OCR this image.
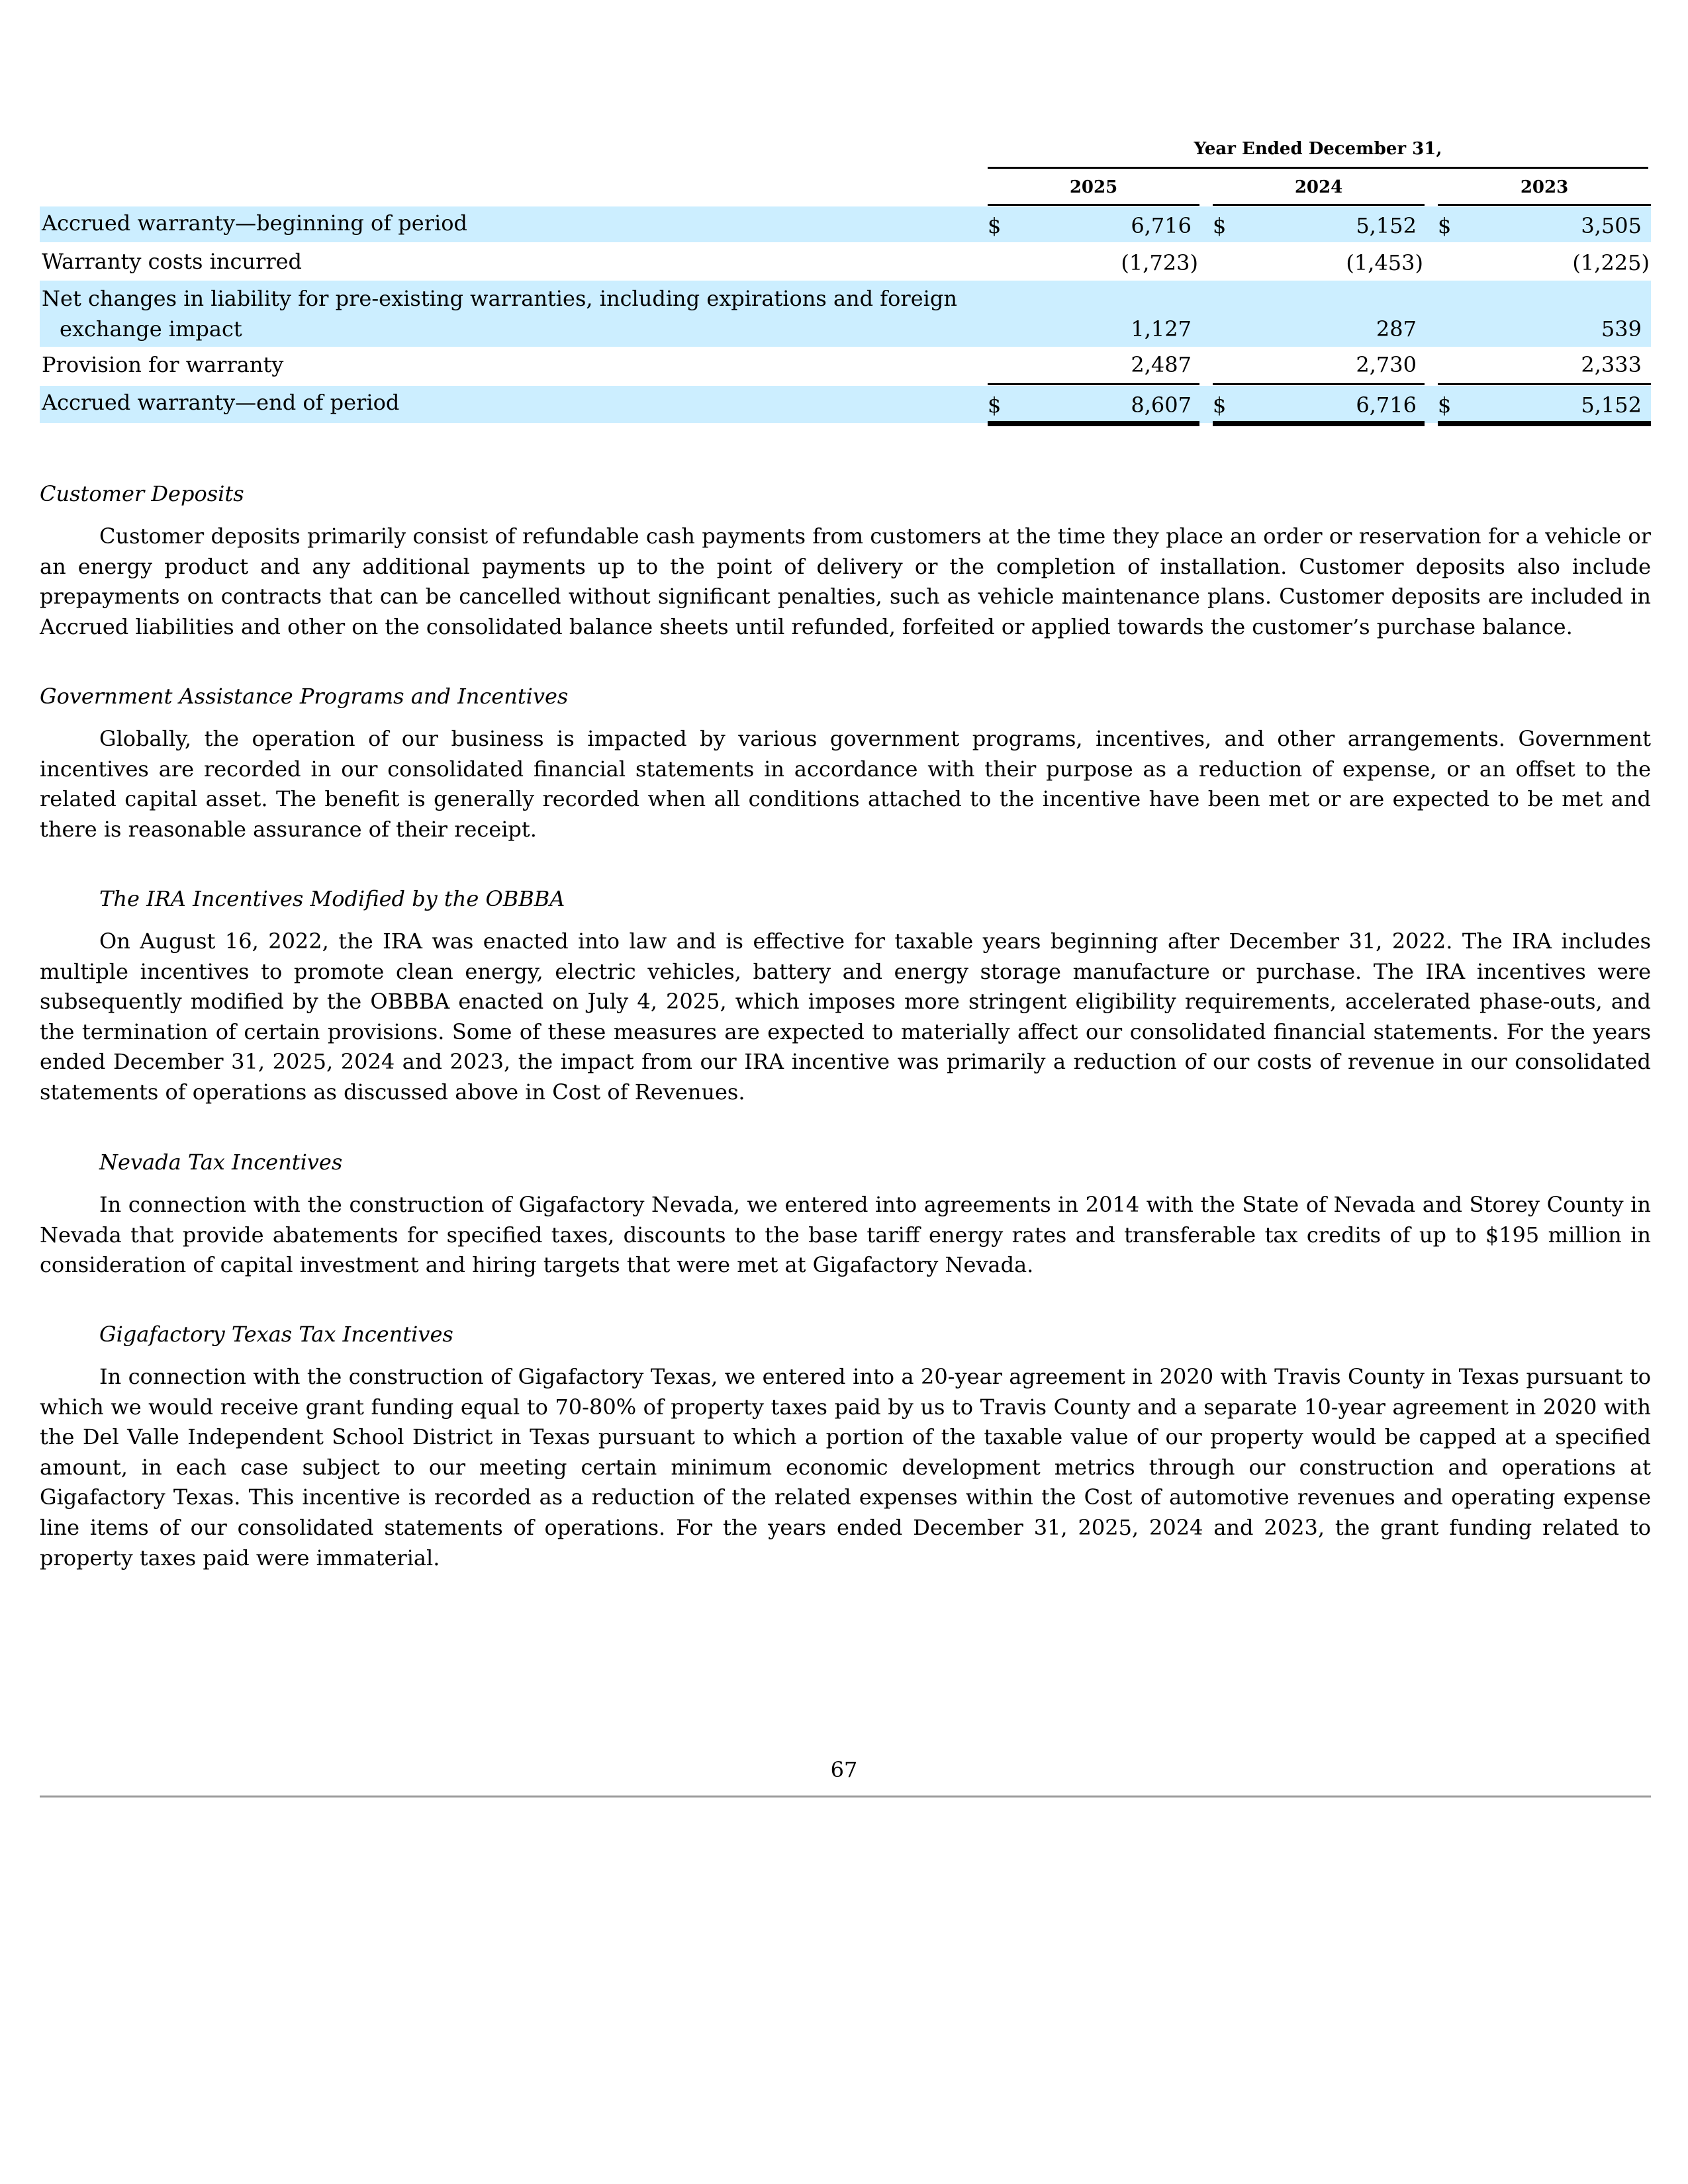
Year Ended December 31,
2025	2024	2023
Accrued warranty—beginning of period	$	6,716 $	5,152 $	3,505
Warranty costs incurred	(1,723)	(1,453)	(1,225)
Net changes in liability for pre-existing warranties, including expirations and foreign
exchange impact	1,127	287	539
Provision for warranty	2,487	2,730	2,333
Accrued warranty—end of period	$	8,607 $	6,716 $	5,152
Customer Deposits

Customer deposits primarily consist of refundable cash payments from customers at the time they place an order or reservation for a vehicle or an energy product and any additional payments up to the point of delivery or the completion of installation. Customer deposits also include prepayments on contracts that can be cancelled without significant penalties, such as vehicle maintenance plans. Customer deposits are included in Accrued liabilities and other on the consolidated balance sheets until refunded, forfeited or applied towards the customer’s purchase balance.

Government Assistance Programs and Incentives

Globally, the operation of our business is impacted by various government programs, incentives, and other arrangements. Government incentives are recorded in our consolidated financial statements in accordance with their purpose as a reduction of expense, or an offset to the related capital asset. The benefit is generally recorded when all conditions attached to the incentive have been met or are expected to be met and there is reasonable assurance of their receipt.

The IRA Incentives Modified by the OBBBA

On August 16, 2022, the IRA was enacted into law and is effective for taxable years beginning after December 31, 2022. The IRA includes multiple incentives to promote clean energy, electric vehicles, battery and energy storage manufacture or purchase. The IRA incentives were subsequently modified by the OBBBA enacted on July 4, 2025, which imposes more stringent eligibility requirements, accelerated phase-outs, and the termination of certain provisions. Some of these measures are expected to materially affect our consolidated financial statements. For the years ended December 31, 2025, 2024 and 2023, the impact from our IRA incentive was primarily a reduction of our costs of revenue in our consolidated statements of operations as discussed above in Cost of Revenues.

Nevada Tax Incentives

In connection with the construction of Gigafactory Nevada, we entered into agreements in 2014 with the State of Nevada and Storey County in Nevada that provide abatements for specified taxes, discounts to the base tariff energy rates and transferable tax credits of up to $195 million in consideration of capital investment and hiring targets that were met at Gigafactory Nevada.

Gigafactory Texas Tax Incentives

In connection with the construction of Gigafactory Texas, we entered into a 20-year agreement in 2020 with Travis County in Texas pursuant to which we would receive grant funding equal to 70-80% of property taxes paid by us to Travis County and a separate 10-year agreement in 2020 with the Del Valle Independent School District in Texas pursuant to which a portion of the taxable value of our property would be capped at a specified amount, in each case subject to our meeting certain minimum economic development metrics through our construction and operations at Gigafactory Texas. This incentive is recorded as a reduction of the related expenses within the Cost of automotive revenues and operating expense line items of our consolidated statements of operations. For the years ended December 31, 2025, 2024 and 2023, the grant funding related to property taxes paid were immaterial.

67
